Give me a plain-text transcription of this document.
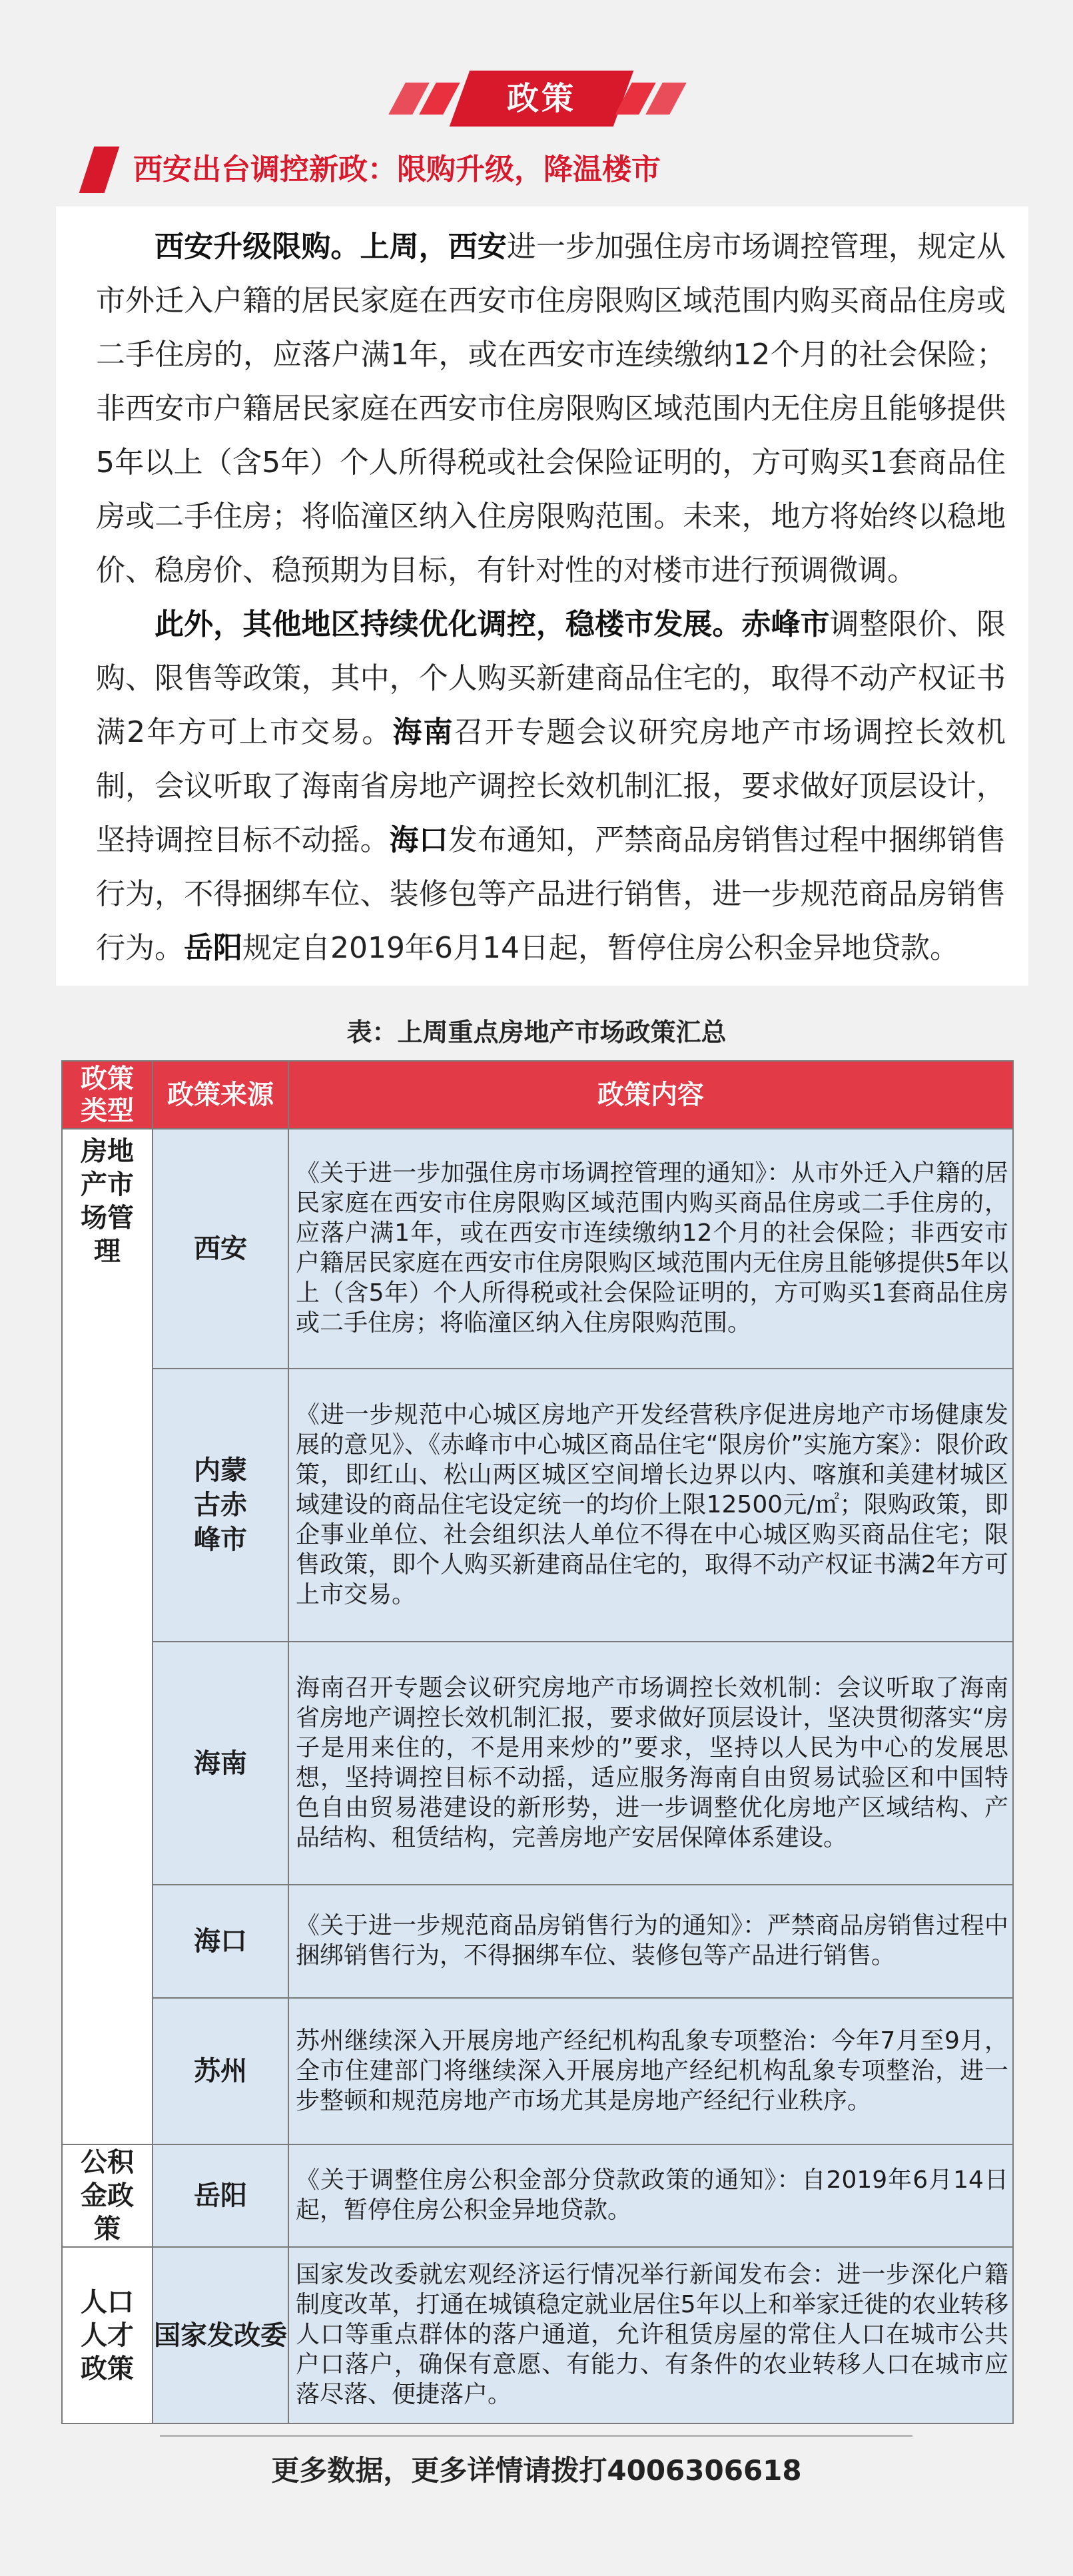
政策
西安出台调控新政：限购升级，降温楼市

西安升级限购。上周，西安进一步加强住房市场调控管理，规定从市外迁入户籍的居民家庭在西安市住房限购区域范围内购买商品住房或二手住房的，应落户满1年，或在西安市连续缴纳12个月的社会保险；非西安市户籍居民家庭在西安市住房限购区域范围内无住房且能够提供5年以上（含5年）个人所得税或社会保险证明的，方可购买1套商品住房或二手住房；将临潼区纳入住房限购范围。未来，地方将始终以稳地价、稳房价、稳预期为目标，有针对性的对楼市进行预调微调。

此外，其他地区持续优化调控，稳楼市发展。赤峰市调整限价、限购、限售等政策，其中，个人购买新建商品住宅的，取得不动产权证书满2年方可上市交易。海南召开专题会议研究房地产市场调控长效机制，会议听取了海南省房地产调控长效机制汇报，要求做好顶层设计，坚持调控目标不动摇。海口发布通知，严禁商品房销售过程中捆绑销售行为，不得捆绑车位、装修包等产品进行销售，进一步规范商品房销售行为。岳阳规定自2019年6月14日起，暂停住房公积金异地贷款。

表：上周重点房地产市场政策汇总
政策类型	政策来源	政策内容

房地产市场管理	西安	《关于进一步加强住房市场调控管理的通知》：从市外迁入户籍的居民家庭在西安市住房限购区域范围内购买商品住房或二手住房的，应落户满1年，或在西安市连续缴纳12个月的社会保险；非西安市户籍居民家庭在西安市住房限购区域范围内无住房且能够提供5年以上（含5年）个人所得税或社会保险证明的，方可购买1套商品住房或二手住房；将临潼区纳入住房限购范围。

	内蒙古赤峰市	《进一步规范中心城区房地产开发经营秩序促进房地产市场健康发展的意见》、《赤峰市中心城区商品住宅“限房价”实施方案》：限价政策，即红山、松山两区城区空间增长边界以内、喀旗和美建材城区域建设的商品住宅设定统一的均价上限12500元/㎡；限购政策，即企事业单位、社会组织法人单位不得在中心城区购买商品住宅；限售政策，即个人购买新建商品住宅的，取得不动产权证书满2年方可上市交易。
	海南	海南召开专题会议研究房地产市场调控长效机制：会议听取了海南省房地产调控长效机制汇报，要求做好顶层设计，坚决贯彻落实“房子是用来住的，不是用来炒的”要求，坚持以人民为中心的发展思想，坚持调控目标不动摇，适应服务海南自由贸易试验区和中国特色自由贸易港建设的新形势，进一步调整优化房地产区域结构、产品结构、租赁结构，完善房地产安居保障体系建设。
	海口	《关于进一步规范商品房销售行为的通知》：严禁商品房销售过程中捆绑销售行为，不得捆绑车位、装修包等产品进行销售。
	苏州	苏州继续深入开展房地产经纪机构乱象专项整治：今年7月至9月，全市住建部门将继续深入开展房地产经纪机构乱象专项整治，进一步整顿和规范房地产市场尤其是房地产经纪行业秩序。

公积金政策	岳阳	《关于调整住房公积金部分贷款政策的通知》：自2019年6月14日起，暂停住房公积金异地贷款。

人口人才政策	国家发改委	国家发改委就宏观经济运行情况举行新闻发布会：进一步深化户籍制度改革，打通在城镇稳定就业居住5年以上和举家迁徙的农业转移人口等重点群体的落户通道，允许租赁房屋的常住人口在城市公共户口落户，确保有意愿、有能力、有条件的农业转移人口在城市应落尽落、便捷落户。
更多数据，更多详情请拨打4006306618
